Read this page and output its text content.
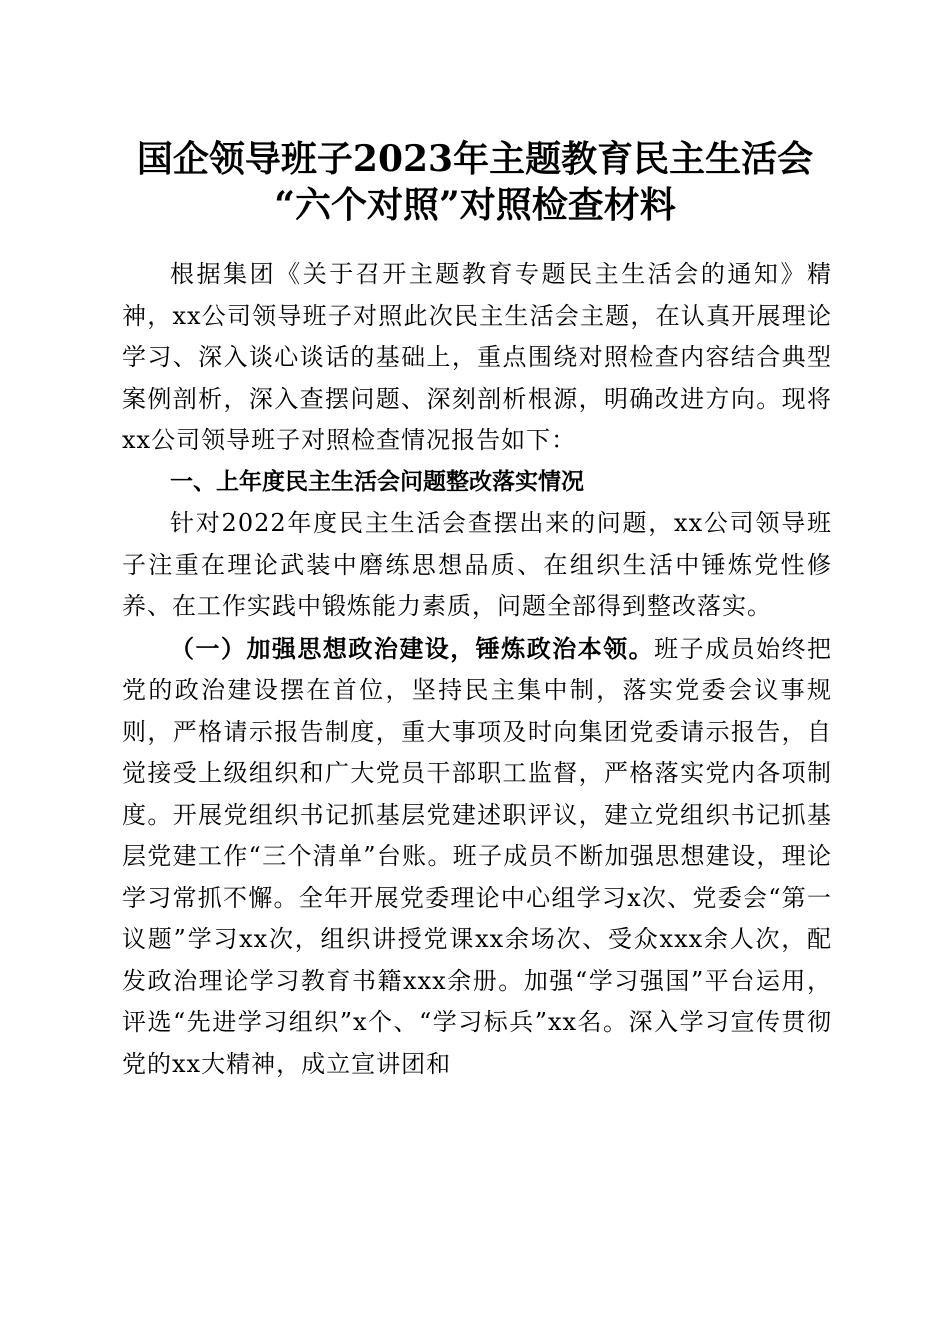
国企领导班子2023年主题教育民主生活会
“六个对照”对照检查材料

根据集团《关于召开主题教育专题民主生活会的通知》精神，xx公司领导班子对照此次民主生活会主题，在认真开展理论学习、深入谈心谈话的基础上，重点围绕对照检查内容结合典型案例剖析，深入查摆问题、深刻剖析根源，明确改进方向。现将xx公司领导班子对照检查情况报告如下：

一、上年度民主生活会问题整改落实情况

针对2022年度民主生活会查摆出来的问题，xx公司领导班子注重在理论武装中磨练思想品质、在组织生活中锤炼党性修养、在工作实践中锻炼能力素质，问题全部得到整改落实。

（一）加强思想政治建设，锤炼政治本领。班子成员始终把党的政治建设摆在首位，坚持民主集中制，落实党委会议事规则，严格请示报告制度，重大事项及时向集团党委请示报告，自觉接受上级组织和广大党员干部职工监督，严格落实党内各项制度。开展党组织书记抓基层党建述职评议，建立党组织书记抓基层党建工作“三个清单”台账。班子成员不断加强思想建设，理论学习常抓不懈。全年开展党委理论中心组学习x次、党委会“第一议题”学习xx次，组织讲授党课xx余场次、受众xxx余人次，配发政治理论学习教育书籍xxx余册。加强“学习强国”平台运用，评选“先进学习组织”x个、“学习标兵”xx名。深入学习宣传贯彻党的xx大精神，成立宣讲团和
